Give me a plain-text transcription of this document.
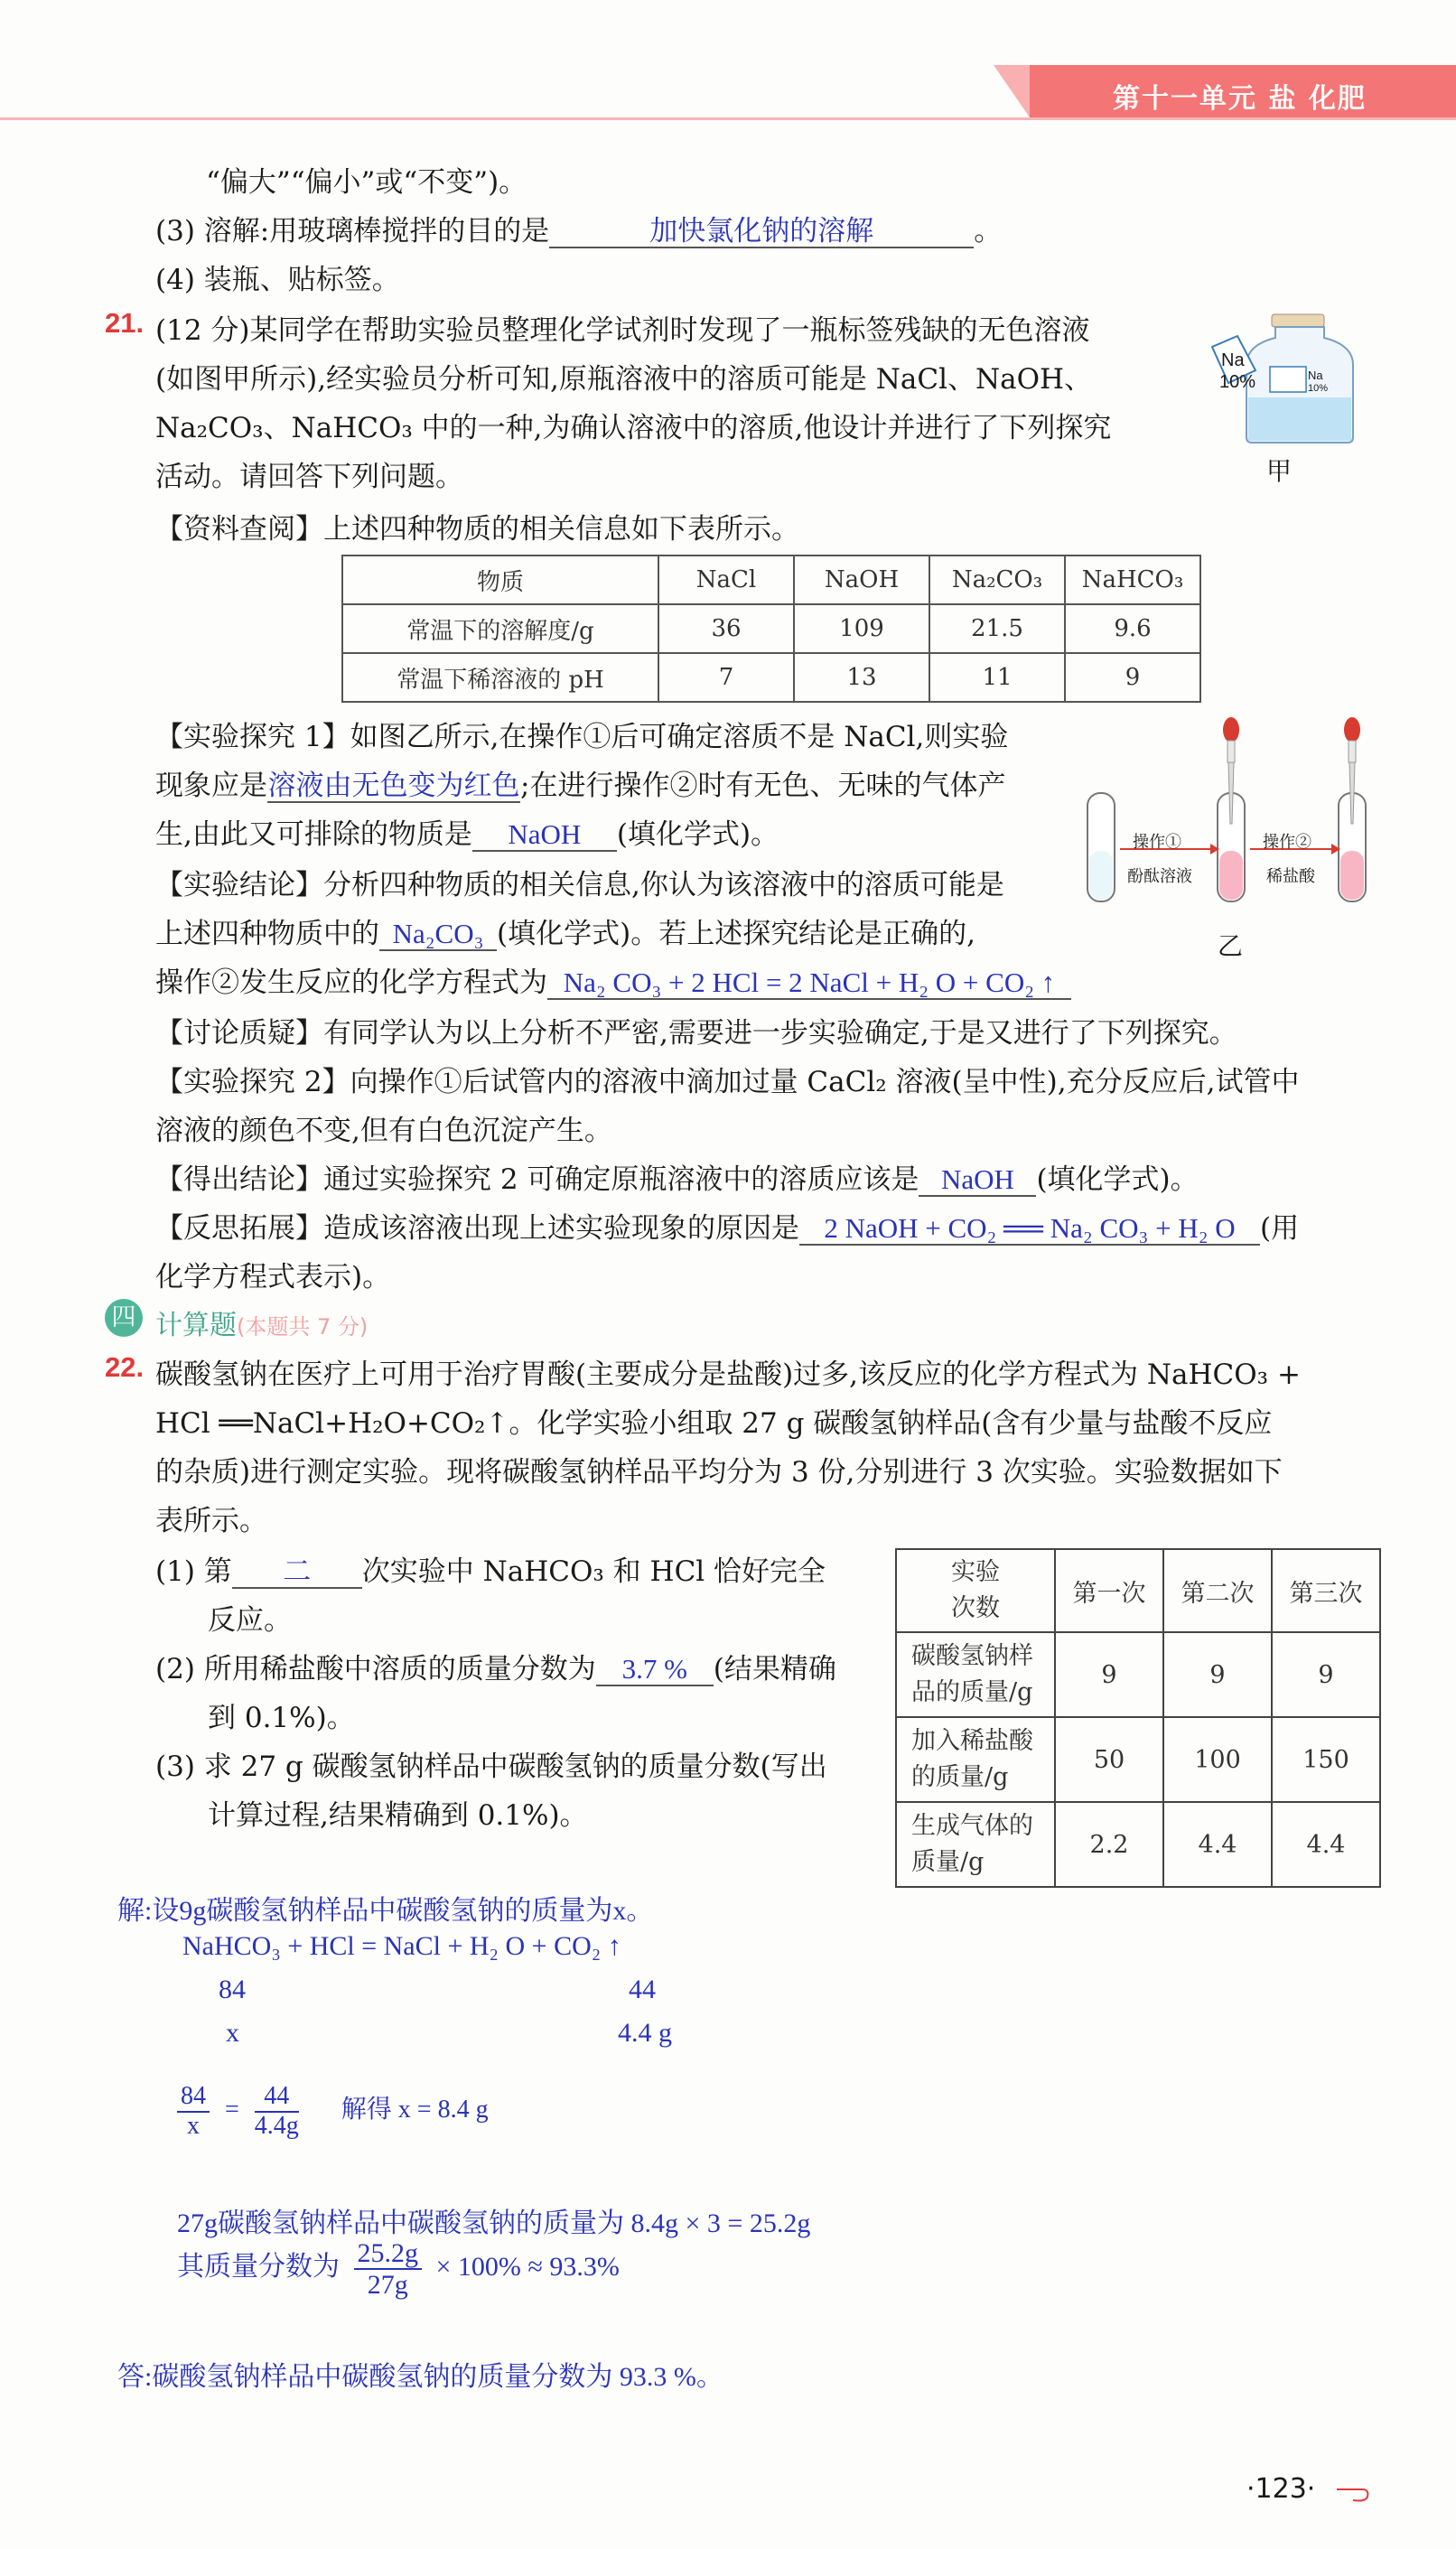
第十一单元 盐 化肥
“偏大”“偏小”或“不变”)。
(3) 溶解:用玻璃棒搅拌的目的是	加快氯化钠的溶解	。
(4) 装瓶、贴标签。
21. (12 分)某同学在帮助实验员整理化学试剂时发现了一瓶标签残缺的无色溶液
(如图甲所示),经实验员分析可知,原瓶溶液中的溶质可能是 NaCl、NaOH、
Na₂CO₃、NaHCO₃ 中的一种,为确认溶液中的溶质,他设计并进行了下列探究
活动。请回答下列问题。
Na
10%	Na
10%
甲
【资料查阅】上述四种物质的相关信息如下表所示。
物质	NaCl	NaOH	Na₂CO₃	NaHCO₃
常温下的溶解度/g	36	109	21.5	9.6
常温下稀溶液的 pH	7	13	11	9
【实验探究 1】如图乙所示,在操作①后可确定溶质不是 NaCl,则实验
现象应是溶液由无色变为红色;在进行操作②时有无色、无味的气体产
生,由此又可排除的物质是 NaOH (填化学式)。
【实验结论】分析四种物质的相关信息,你认为该溶液中的溶质可能是
上述四种物质中的 Na₂CO₃ (填化学式)。若上述探究结论是正确的,
操作②发生反应的化学方程式为 Na₂ CO₃ + 2 HCl = 2 NaCl + H₂ O + CO₂ ↑
操作①
酚酞溶液
操作②
稀盐酸
乙
【讨论质疑】有同学认为以上分析不严密,需要进一步实验确定,于是又进行了下列探究。
【实验探究 2】向操作①后试管内的溶液中滴加过量 CaCl₂ 溶液(呈中性),充分反应后,试管中
溶液的颜色不变,但有白色沉淀产生。
【得出结论】通过实验探究 2 可确定原瓶溶液中的溶质应该是 NaOH (填化学式)。
【反思拓展】造成该溶液出现上述实验现象的原因是 2 NaOH + CO₂ ══ Na₂ CO₃ + H₂ O (用
化学方程式表示)。
四 计算题(本题共 7 分)
22. 碳酸氢钠在医疗上可用于治疗胃酸(主要成分是盐酸)过多,该反应的化学方程式为 NaHCO₃ +
HCl ══NaCl+H₂O+CO₂↑。化学实验小组取 27 g 碳酸氢钠样品(含有少量与盐酸不反应
的杂质)进行测定实验。现将碳酸氢钠样品平均分为 3 份,分别进行 3 次实验。实验数据如下
表所示。
(1) 第 二 次实验中 NaHCO₃ 和 HCl 恰好完全
反应。
(2) 所用稀盐酸中溶质的质量分数为 3.7 % (结果精确
到 0.1%)。
(3) 求 27 g 碳酸氢钠样品中碳酸氢钠的质量分数(写出
计算过程,结果精确到 0.1%)。
实验
次数	第一次	第二次	第三次
碳酸氢钠样
品的质量/g	9	9	9
加入稀盐酸
的质量/g	50	100	150
生成气体的
质量/g	2.2	4.4	4.4
解:设9g碳酸氢钠样品中碳酸氢钠的质量为x。
NaHCO₃ + HCl = NaCl + H₂ O + CO₂ ↑
84	44
x	4.4 g
$\frac{84}{x} = \frac{44}{4.4g}$ 解得 x = 8.4 g
27g碳酸氢钠样品中碳酸氢钠的质量为 8.4g × 3 = 25.2g
其质量分数为 $\frac{25.2g}{27g} \times 100\% \approx 93.3\%$
答:碳酸氢钠样品中碳酸氢钠的质量分数为 93.3 %。
·123·
